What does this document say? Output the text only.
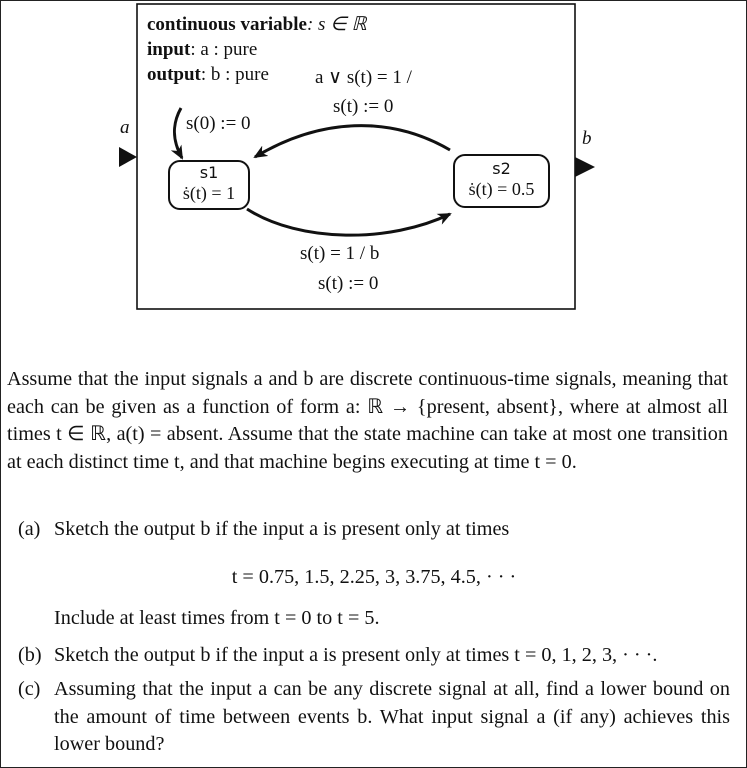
continuous variable: s ∈ ℝ
input: a : pure
output: b : pure
a
b
s(0) := 0
a ∨ s(t) = 1 /
s(t) := 0
s(t) = 1 / b
s(t) := 0
s1
ṡ(t) = 1
s2
ṡ(t) = 0.5
Assume that the input signals a and b are discrete continuous-time signals, meaning that each can be given as a function of form a: ℝ → {present, absent}, where at almost all times t ∈ ℝ, a(t) = absent. Assume that the state machine can take at most one transition at each distinct time t, and that machine begins executing at time t = 0.
(a) Sketch the output b if the input a is present only at times
t = 0.75, 1.5, 2.25, 3, 3.75, 4.5, · · ·
Include at least times from t = 0 to t = 5.
(b) Sketch the output b if the input a is present only at times t = 0, 1, 2, 3, · · ·.
(c) Assuming that the input a can be any discrete signal at all, find a lower bound on the amount of time between events b. What input signal a (if any) achieves this lower bound?
